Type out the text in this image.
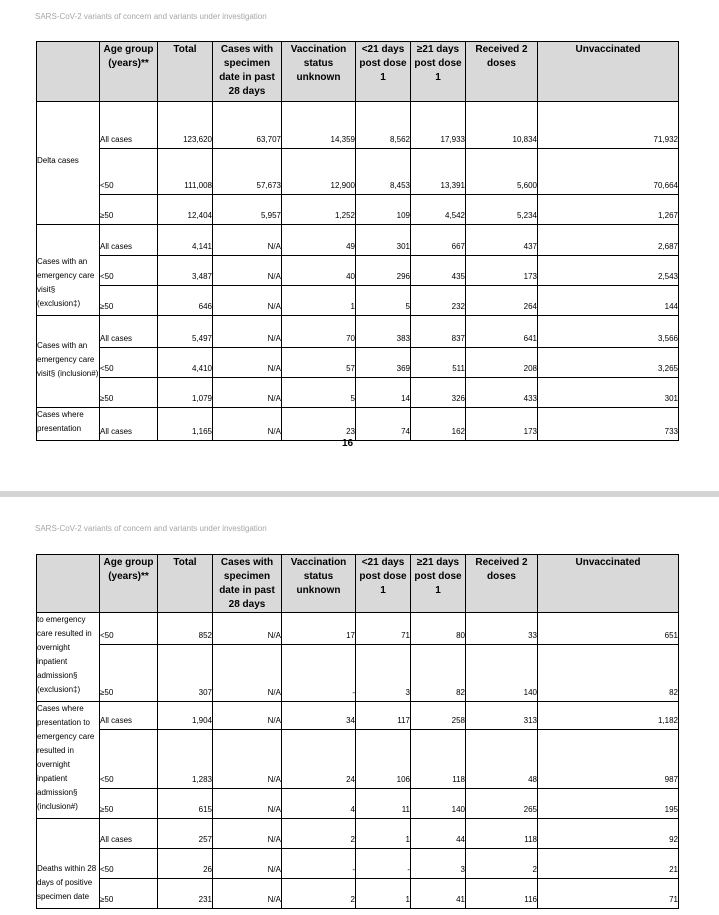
SARS-CoV-2 variants of concern and variants under investigation
	Age group (years)**	Total	Cases with specimen date in past 28 days	Vaccination status unknown	<21 days post dose 1	≥21 days post dose 1	Received 2 doses	Unvaccinated
Delta cases	All cases	123,620	63,707	14,359	8,562	17,933	10,834	71,932
	<50	111,008	57,673	12,900	8,453	13,391	5,600	70,664
	≥50	12,404	5,957	1,252	109	4,542	5,234	1,267
Cases with an emergency care visit§ (exclusion‡)	All cases	4,141	N/A	49	301	667	437	2,687
	<50	3,487	N/A	40	296	435	173	2,543
	≥50	646	N/A	1	5	232	264	144
Cases with an emergency care visit§ (inclusion#)	All cases	5,497	N/A	70	383	837	641	3,566
	<50	4,410	N/A	57	369	511	208	3,265
	≥50	1,079	N/A	5	14	326	433	301
Cases where presentation	All cases	1,165	N/A	23	74	162	173	733
16
SARS-CoV-2 variants of concern and variants under investigation
	Age group (years)**	Total	Cases with specimen date in past 28 days	Vaccination status unknown	<21 days post dose 1	≥21 days post dose 1	Received 2 doses	Unvaccinated
to emergency care resulted in overnight inpatient admission§ (exclusion‡)	<50	852	N/A	17	71	80	33	651
	≥50	307	N/A	-	3	82	140	82
Cases where presentation to emergency care resulted in overnight inpatient admission§ (inclusion#)	All cases	1,904	N/A	34	117	258	313	1,182
	<50	1,283	N/A	24	106	118	48	987
	≥50	615	N/A	4	11	140	265	195
Deaths within 28 days of positive specimen date	All cases	257	N/A	2	1	44	118	92
	<50	26	N/A	-	-	3	2	21
	≥50	231	N/A	2	1	41	116	71
